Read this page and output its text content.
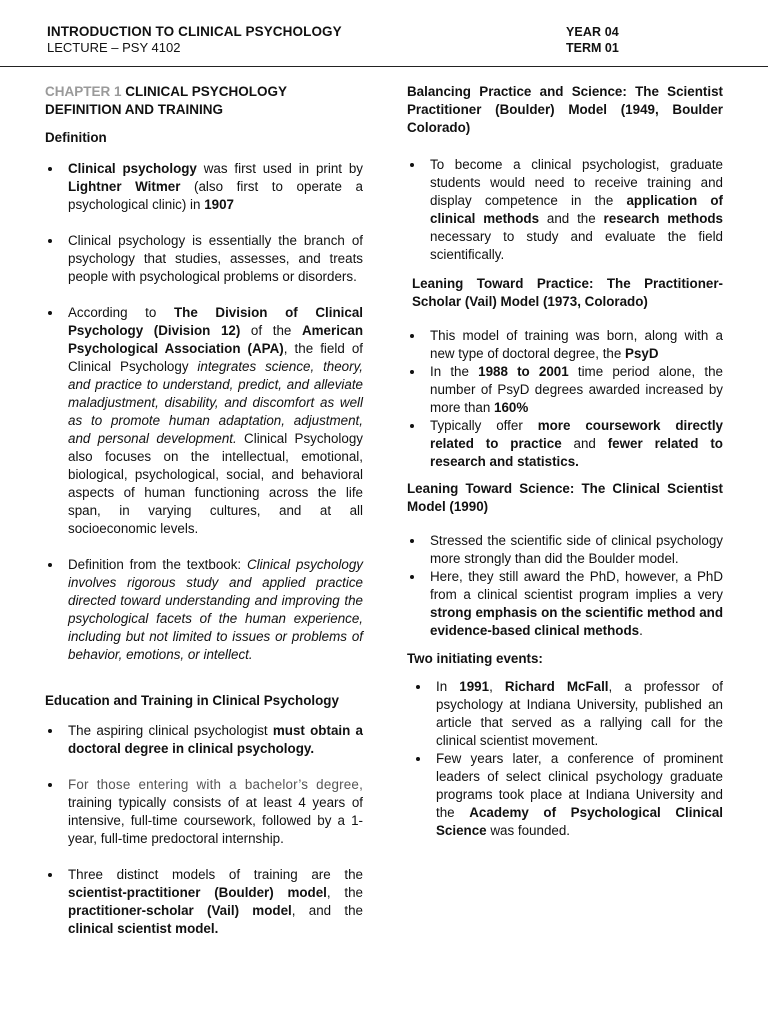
INTRODUCTION TO CLINICAL PSYCHOLOGY
LECTURE – PSY 4102
YEAR 04
TERM 01

CHAPTER 1 CLINICAL PSYCHOLOGY
DEFINITION AND TRAINING

Definition

Clinical psychology was first used in print by Lightner Witmer (also first to operate a psychological clinic) in 1907
Clinical psychology is essentially the branch of psychology that studies, assesses, and treats people with psychological problems or disorders.
According to The Division of Clinical Psychology (Division 12) of the American Psychological Association (APA), the field of Clinical Psychology integrates science, theory, and practice to understand, predict, and alleviate maladjustment, disability, and discomfort as well as to promote human adaptation, adjustment, and personal development. Clinical Psychology also focuses on the intellectual, emotional, biological, psychological, social, and behavioral aspects of human functioning across the life span, in varying cultures, and at all socioeconomic levels.
Definition from the textbook: Clinical psychology involves rigorous study and applied practice directed toward understanding and improving the psychological facets of the human experience, including but not limited to issues or problems of behavior, emotions, or intellect.

Education and Training in Clinical Psychology

The aspiring clinical psychologist must obtain a doctoral degree in clinical psychology.
For those entering with a bachelor’s degree, training typically consists of at least 4 years of intensive, full-time coursework, followed by a 1-year, full-time predoctoral internship.
Three distinct models of training are the scientist-practitioner (Boulder) model, the practitioner-scholar (Vail) model, and the clinical scientist model.

Balancing Practice and Science: The Scientist Practitioner (Boulder) Model (1949, Boulder Colorado)

To become a clinical psychologist, graduate students would need to receive training and display competence in the application of clinical methods and the research methods necessary to study and evaluate the field scientifically.

Leaning Toward Practice: The Practitioner-Scholar (Vail) Model (1973, Colorado)

This model of training was born, along with a new type of doctoral degree, the PsyD
In the 1988 to 2001 time period alone, the number of PsyD degrees awarded increased by more than 160%
Typically offer more coursework directly related to practice and fewer related to research and statistics.

Leaning Toward Science: The Clinical Scientist Model (1990)

Stressed the scientific side of clinical psychology more strongly than did the Boulder model.
Here, they still award the PhD, however, a PhD from a clinical scientist program implies a very strong emphasis on the scientific method and evidence-based clinical methods.

Two initiating events:

In 1991, Richard McFall, a professor of psychology at Indiana University, published an article that served as a rallying call for the clinical scientist movement.
Few years later, a conference of prominent leaders of select clinical psychology graduate programs took place at Indiana University and the Academy of Psychological Clinical Science was founded.
